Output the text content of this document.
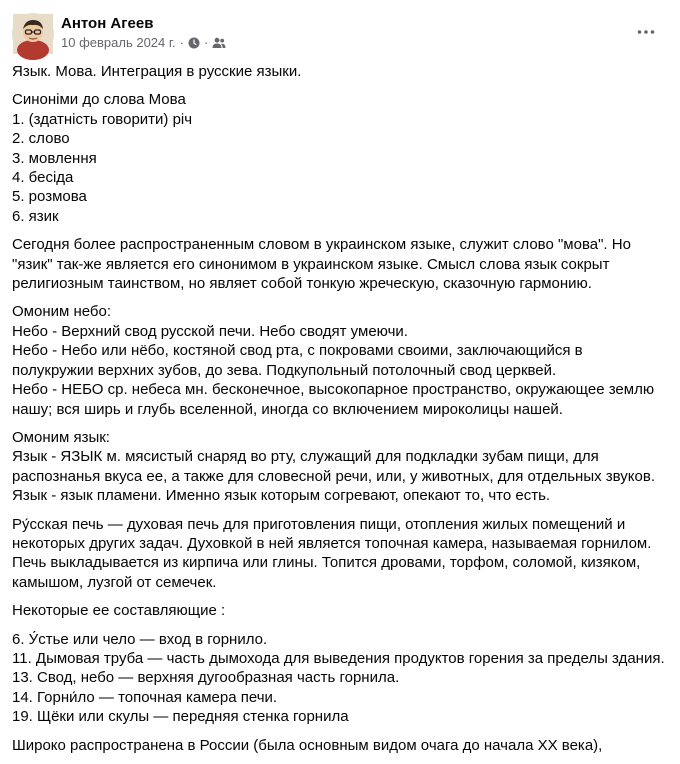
Антон Агеев
10 февраль 2024 г. · ·
Язык. Мова. Интеграция в русские языки.
Синоніми до слова Мова
1. (здатність говорити) річ
2. слово
3. мовлення
4. бесіда
5. розмова
6. язик
Сегодня более распространенным словом в украинском языке, служит слово "мова". Но
"язик" так-же является его синонимом в украинском языке. Смысл слова язык сокрыт
религиозным таинством, но являет собой тонкую жреческую, сказочную гармонию.
Омоним небо:
Небо - Верхний свод русской печи. Небо сводят умеючи.
Небо - Небо или нёбо, костяной свод рта, с покровами своими, заключающийся в
полукружии верхних зубов, до зева. Подкупольный потолочный свод церквей.
Небо - НЕБО ср. небеса мн. бесконечное, высокопарное пространство, окружающее землю
нашу; вся ширь и глубь вселенной, иногда со включением мироколицы нашей.
Омоним язык:
Язык - ЯЗЫК м. мясистый снаряд во рту, служащий для подкладки зубам пищи, для
распознанья вкуса ее, а также для словесной речи, или, у животных, для отдельных звуков.
Язык - язык пламени. Именно язык которым согревают, опекают то, что есть.
Ру́сская печь — духовая печь для приготовления пищи, отопления жилых помещений и
некоторых других задач. Духовкой в ней является топочная камера, называемая горнилом.
Печь выкладывается из кирпича или глины. Топится дровами, торфом, соломой, кизяком,
камышом, лузгой от семечек.
Некоторые ее составляющие :
6. У́стье или чело — вход в горнило.
11. Дымовая труба — часть дымохода для выведения продуктов горения за пределы здания.
13. Свод, небо — верхняя дугообразная часть горнила.
14. Горни́ло — топочная камера печи.
19. Щёки или скулы — передняя стенка горнила
Широко распространена в России (была основным видом очага до начала XX века),
